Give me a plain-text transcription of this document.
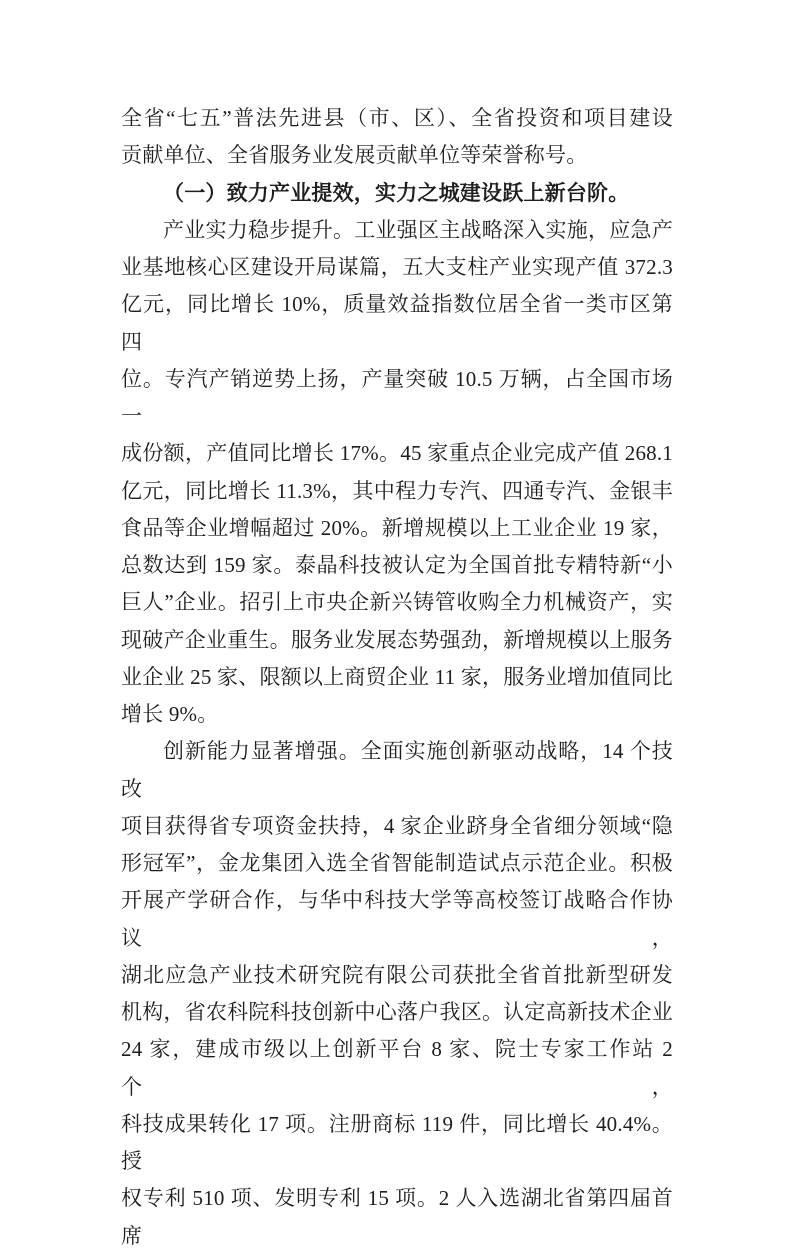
全省“七五”普法先进县（市、区）、全省投资和项目建设
贡献单位、全省服务业发展贡献单位等荣誉称号。
（一）致力产业提效，实力之城建设跃上新台阶。
产业实力稳步提升。工业强区主战略深入实施，应急产
业基地核心区建设开局谋篇，五大支柱产业实现产值 372.3
亿元，同比增长 10%，质量效益指数位居全省一类市区第四
位。专汽产销逆势上扬，产量突破 10.5 万辆，占全国市场一
成份额，产值同比增长 17%。45 家重点企业完成产值 268.1
亿元，同比增长 11.3%，其中程力专汽、四通专汽、金银丰
食品等企业增幅超过 20%。新增规模以上工业企业 19 家，
总数达到 159 家。泰晶科技被认定为全国首批专精特新“小
巨人”企业。招引上市央企新兴铸管收购全力机械资产，实
现破产企业重生。服务业发展态势强劲，新增规模以上服务
业企业 25 家、限额以上商贸企业 11 家，服务业增加值同比
增长 9%。
创新能力显著增强。全面实施创新驱动战略，14 个技改
项目获得省专项资金扶持，4 家企业跻身全省细分领域“隐
形冠军”，金龙集团入选全省智能制造试点示范企业。积极
开展产学研合作，与华中科技大学等高校签订战略合作协议，
湖北应急产业技术研究院有限公司获批全省首批新型研发
机构，省农科院科技创新中心落户我区。认定高新技术企业
24 家，建成市级以上创新平台 8 家、院士专家工作站 2 个，
科技成果转化 17 项。注册商标 119 件，同比增长 40.4%。授
权专利 510 项、发明专利 15 项。2 人入选湖北省第四届首席
